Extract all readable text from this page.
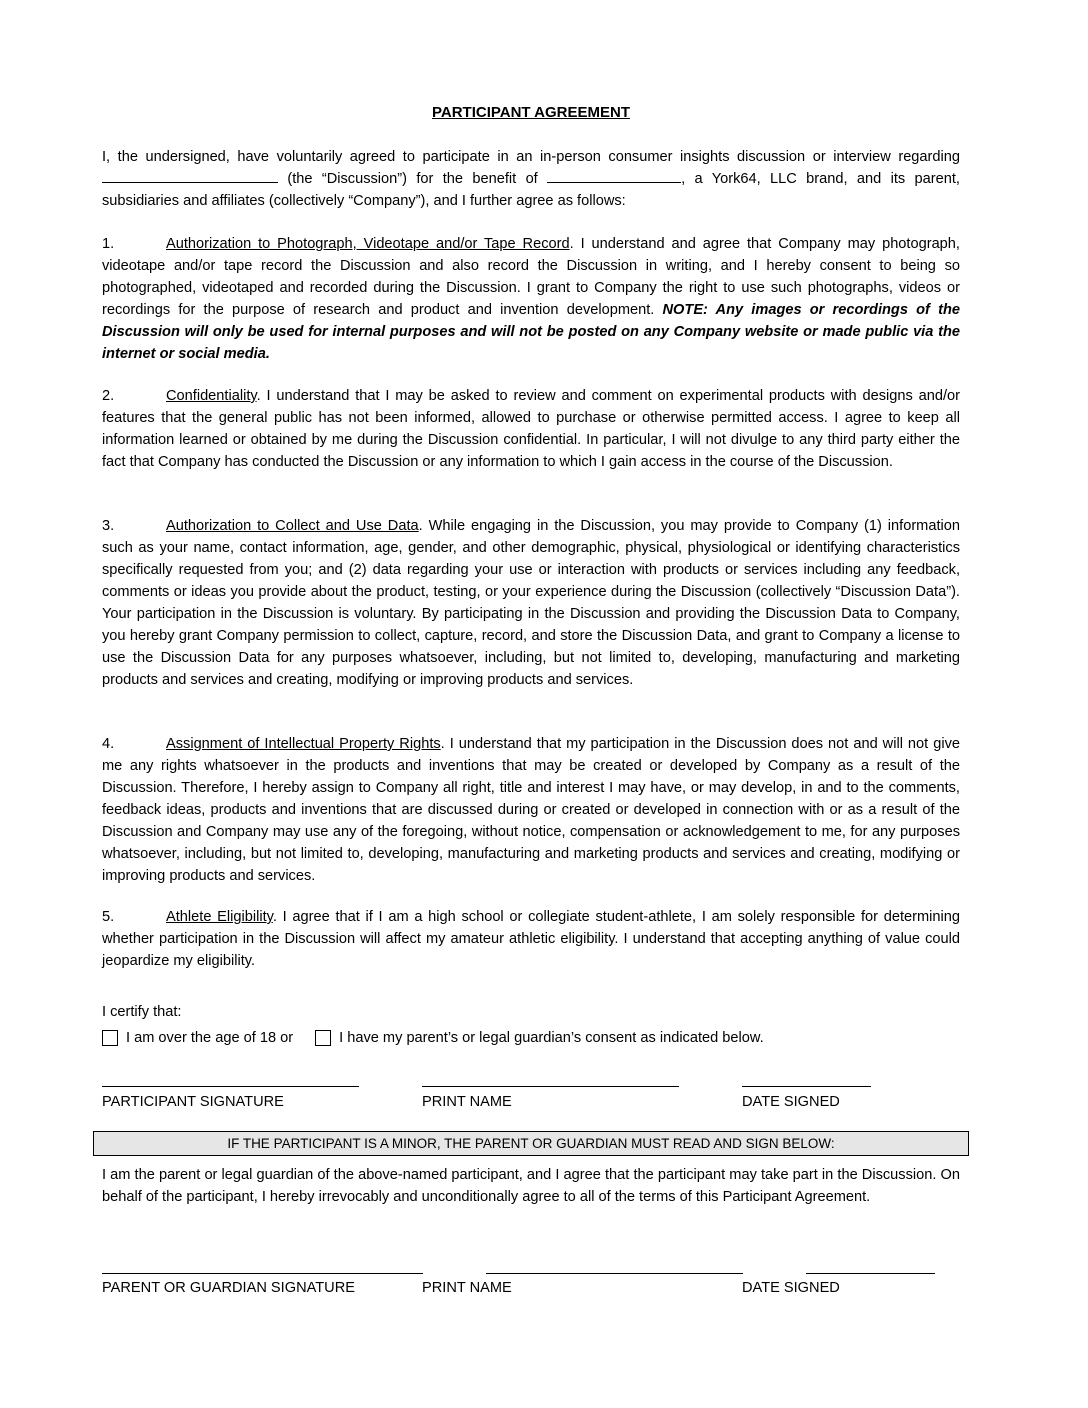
PARTICIPANT AGREEMENT
I, the undersigned, have voluntarily agreed to participate in an in-person consumer insights discussion or interview regarding  (the “Discussion”) for the benefit of	, a York64, LLC brand, and its parent, subsidiaries and affiliates (collectively “Company”), and I further agree as follows:
1.	Authorization to Photograph, Videotape and/or Tape Record. I understand and agree that Company may photograph, videotape and/or tape record the Discussion and also record the Discussion in writing, and I hereby consent to being so photographed, videotaped and recorded during the Discussion. I grant to Company the right to use such photographs, videos or recordings for the purpose of research and product and invention development. NOTE: Any images or recordings of the Discussion will only be used for internal purposes and will not be posted on any Company website or made public via the internet or social media.
2.	Confidentiality. I understand that I may be asked to review and comment on experimental products with designs and/or features that the general public has not been informed, allowed to purchase or otherwise permitted access. I agree to keep all information learned or obtained by me during the Discussion confidential. In particular, I will not divulge to any third party either the fact that Company has conducted the Discussion or any information to which I gain access in the course of the Discussion.
3.	Authorization to Collect and Use Data. While engaging in the Discussion, you may provide to Company (1) information such as your name, contact information, age, gender, and other demographic, physical, physiological or identifying characteristics specifically requested from you; and (2) data regarding your use or interaction with products or services including any feedback, comments or ideas you provide about the product, testing, or your experience during the Discussion (collectively “Discussion Data”). Your participation in the Discussion is voluntary. By participating in the Discussion and providing the Discussion Data to Company, you hereby grant Company permission to collect, capture, record, and store the Discussion Data, and grant to Company a license to use the Discussion Data for any purposes whatsoever, including, but not limited to, developing, manufacturing and marketing products and services and creating, modifying or improving products and services.
4.	Assignment of Intellectual Property Rights. I understand that my participation in the Discussion does not and will not give me any rights whatsoever in the products and inventions that may be created or developed by Company as a result of the Discussion. Therefore, I hereby assign to Company all right, title and interest I may have, or may develop, in and to the comments, feedback ideas, products and inventions that are discussed during or created or developed in connection with or as a result of the Discussion and Company may use any of the foregoing, without notice, compensation or acknowledgement to me, for any purposes whatsoever, including, but not limited to, developing, manufacturing and marketing products and services and creating, modifying or improving products and services.
5.	Athlete Eligibility. I agree that if I am a high school or collegiate student-athlete, I am solely responsible for determining whether participation in the Discussion will affect my amateur athletic eligibility. I understand that accepting anything of value could jeopardize my eligibility.
I certify that:
I am over the age of 18 or	I have my parent’s or legal guardian’s consent as indicated below.
PARTICIPANT SIGNATURE	PRINT NAME	DATE SIGNED
IF THE PARTICIPANT IS A MINOR, THE PARENT OR GUARDIAN MUST READ AND SIGN BELOW:
I am the parent or legal guardian of the above-named participant, and I agree that the participant may take part in the Discussion. On behalf of the participant, I hereby irrevocably and unconditionally agree to all of the terms of this Participant Agreement.
PARENT OR GUARDIAN SIGNATURE	PRINT NAME	DATE SIGNED
